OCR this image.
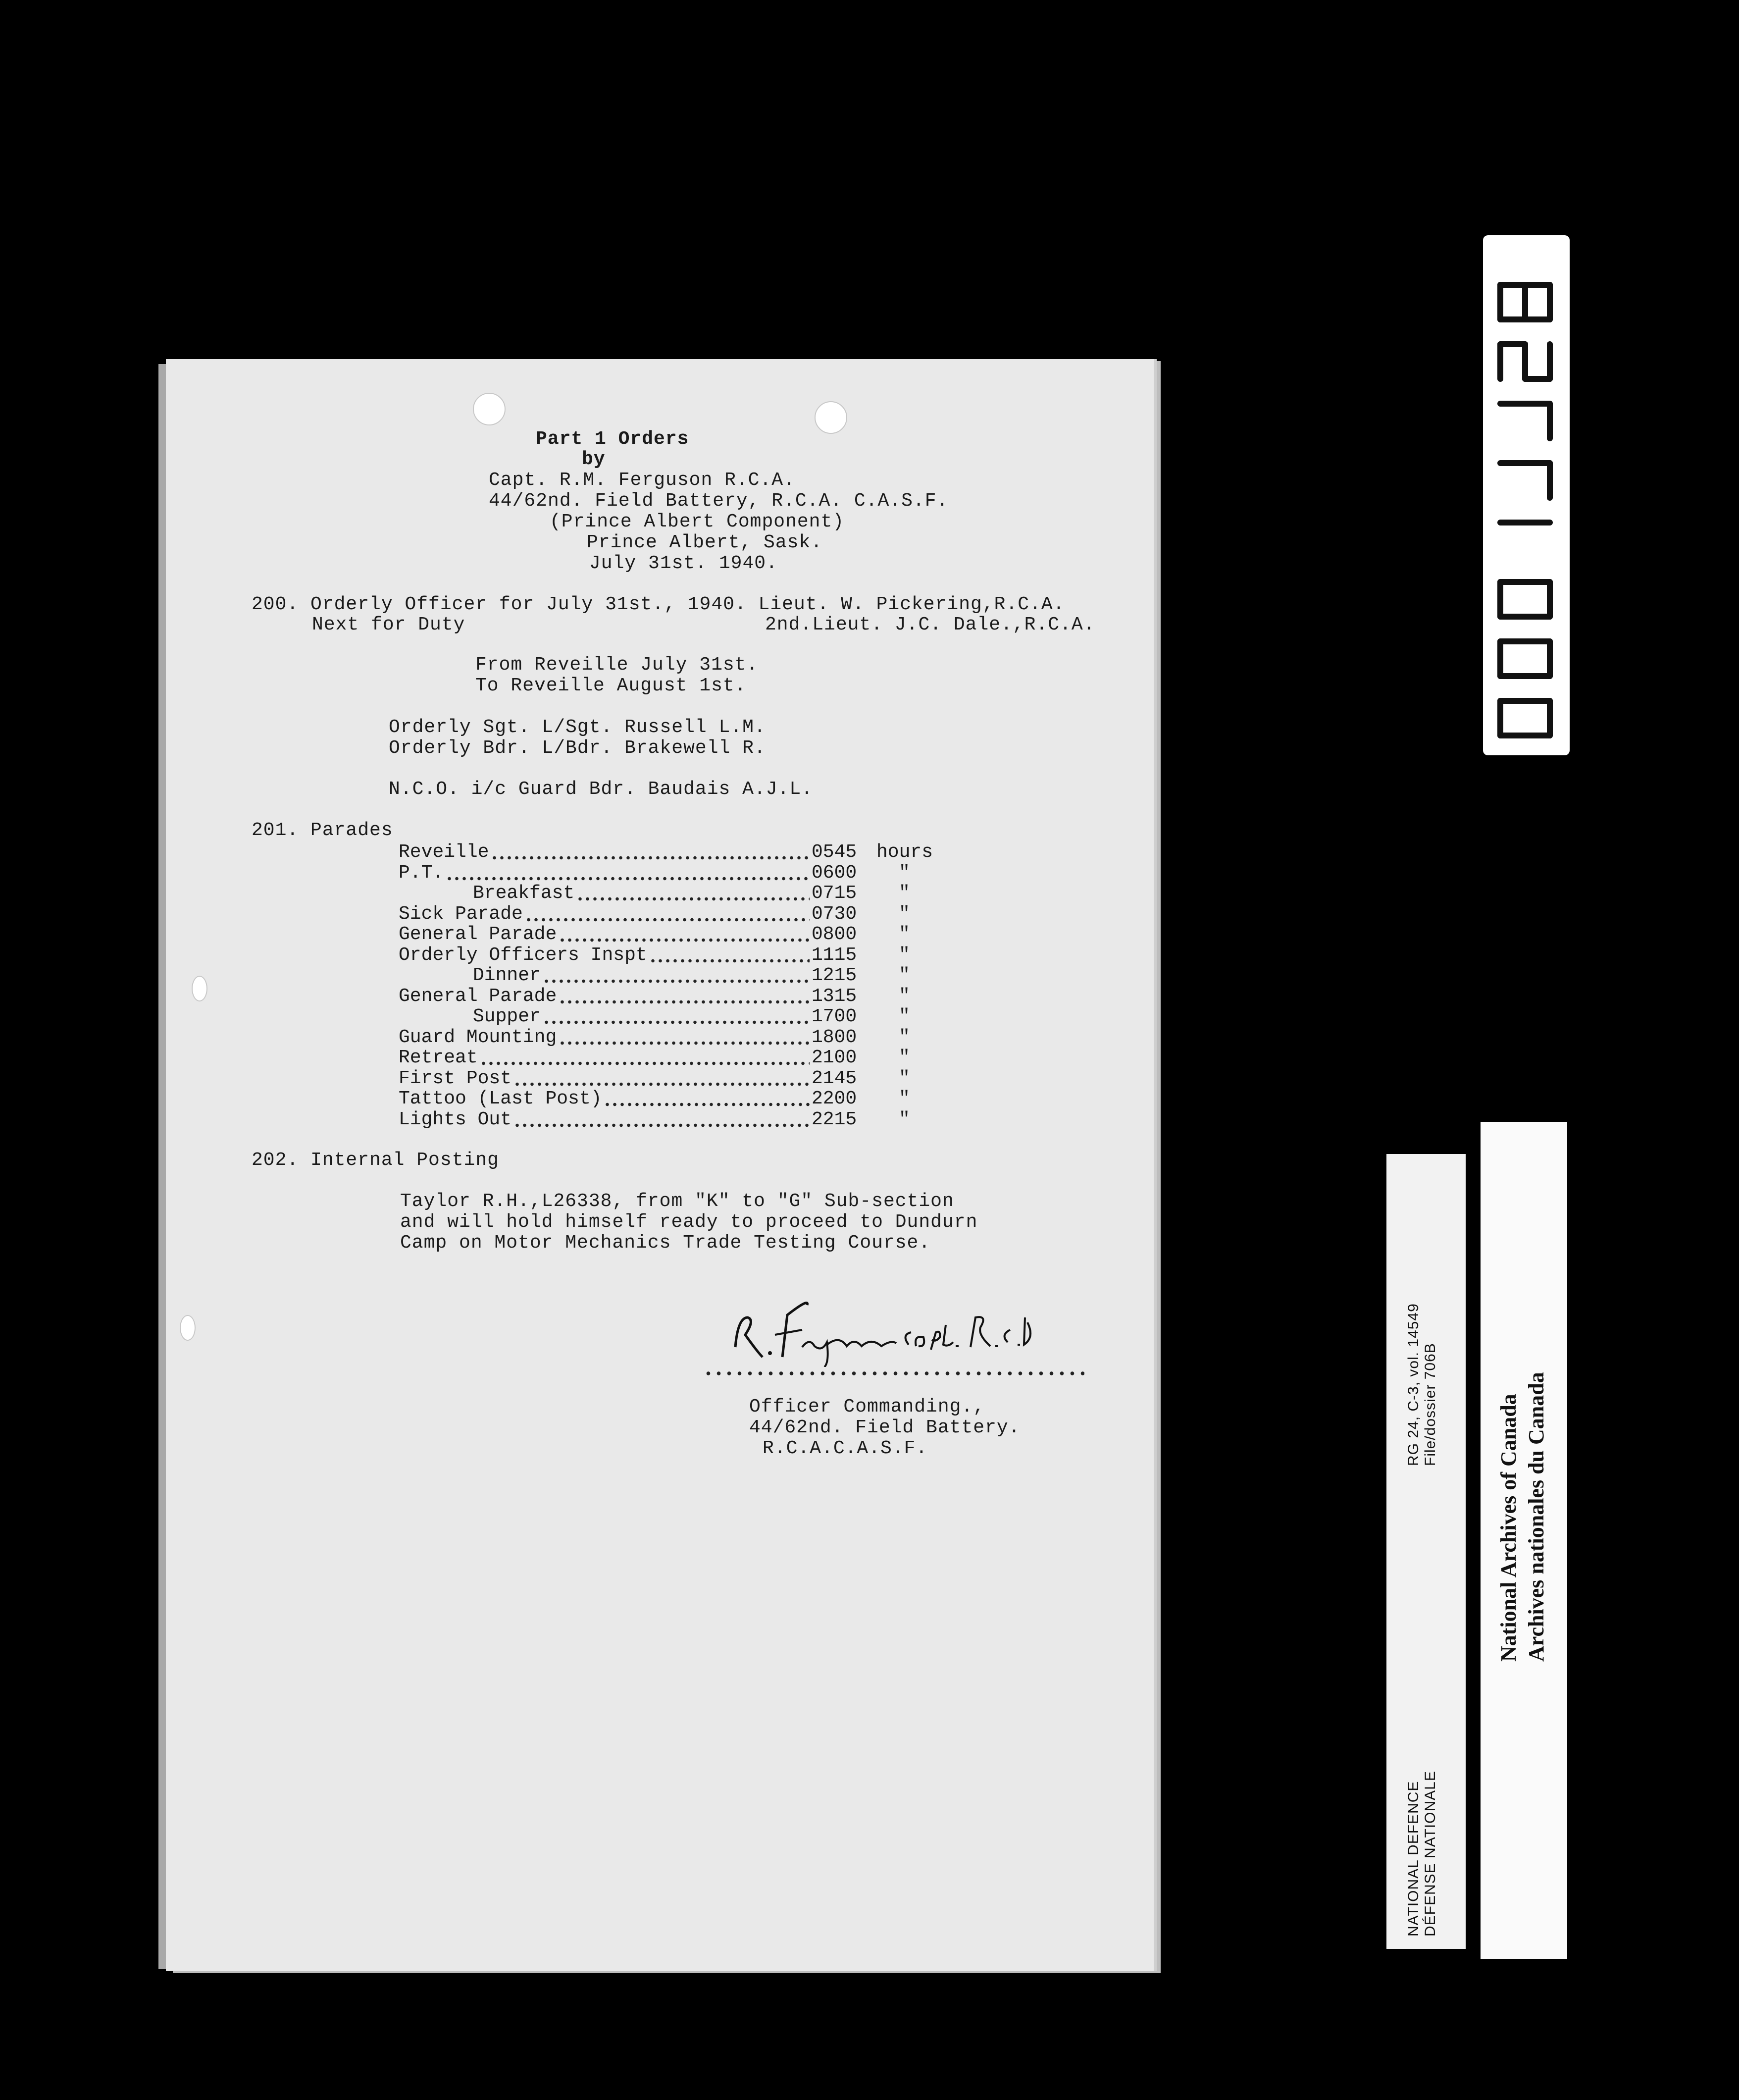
Part 1 Orders
by
Capt. R.M. Ferguson R.C.A.
44/62nd. Field Battery, R.C.A. C.A.S.F.
(Prince Albert Component)
Prince Albert, Sask.
July 31st. 1940.
200. Orderly Officer for July 31st., 1940. Lieut. W. Pickering,R.C.A.
Next for Duty	2nd.Lieut. J.C. Dale.,R.C.A.
From Reveille July 31st.
To Reveille August 1st.
Orderly Sgt. L/Sgt. Russell L.M.
Orderly Bdr. L/Bdr. Brakewell R.
N.C.O. i/c Guard Bdr. Baudais A.J.L.
201. Parades
Reveille	0545 hours
P.T.	0600 "
Breakfast	0715 "
Sick Parade	0730 "
General Parade	0800 "
Orderly Officers Inspt	1115 "
Dinner	1215 "
General Parade	1315 "
Supper	1700 "
Guard Mounting	1800 "
Retreat	2100 "
First Post	2145 "
Tattoo (Last Post)	2200 "
Lights Out	2215 "
202. Internal Posting
Taylor R.H.,L26338, from "K" to "G" Sub-section
and will hold himself ready to proceed to Dundurn
Camp on Motor Mechanics Trade Testing Course.
Officer Commanding.,
44/62nd. Field Battery.
R.C.A.C.A.S.F.	RG 24, C-3, vol. 14549 File/dossier 706B
NATIONAL DEFENCE DÉFENSE NATIONALE
National Archives of Canada Archives nationales du Canada
